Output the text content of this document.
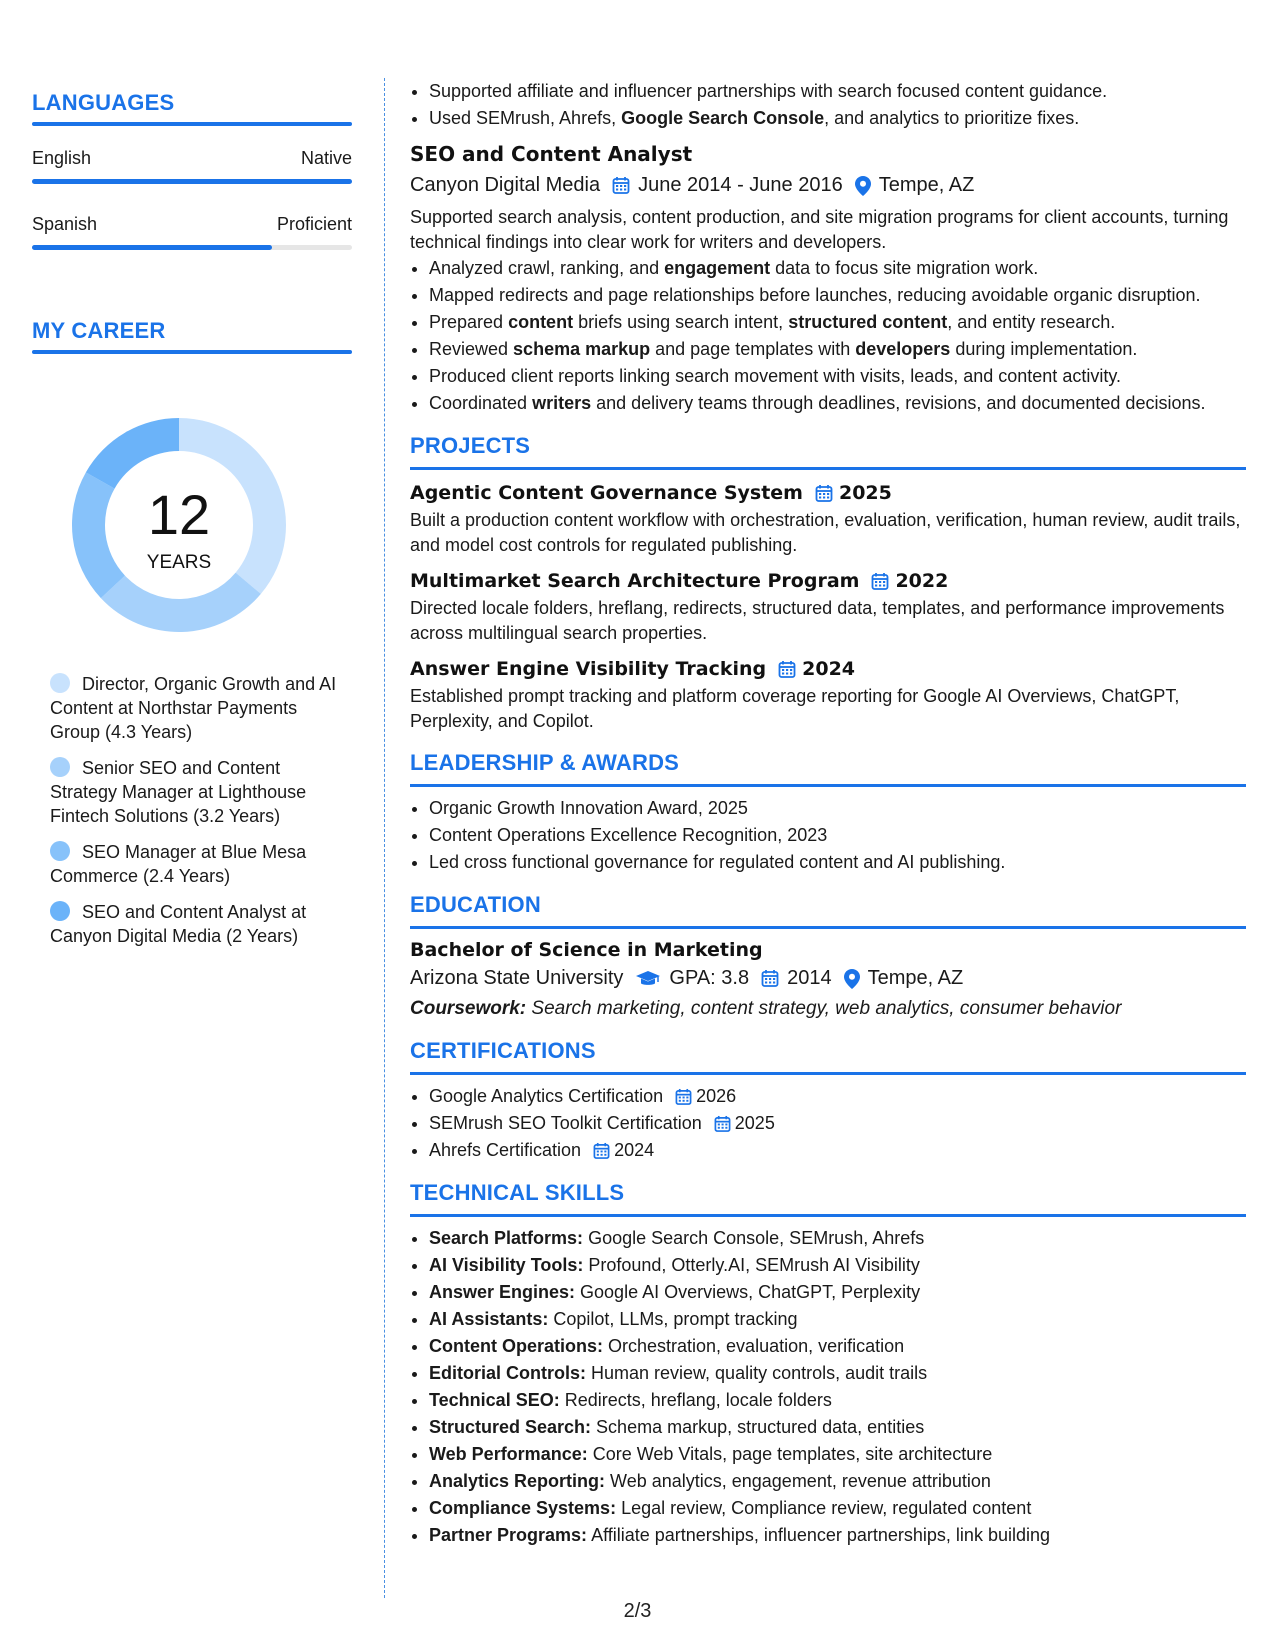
LANGUAGES
English	Native
Spanish	Proficient
MY CAREER
12
YEARS
Director, Organic Growth and AI Content at Northstar Payments Group (4.3 Years)
Senior SEO and Content Strategy Manager at Lighthouse Fintech Solutions (3.2 Years)
SEO Manager at Blue Mesa Commerce (2.4 Years)
SEO and Content Analyst at Canyon Digital Media (2 Years)
• Supported affiliate and influencer partnerships with search focused content guidance.
• Used SEMrush, Ahrefs, Google Search Console, and analytics to prioritize fixes.
SEO and Content Analyst
Canyon Digital Media June 2014 - June 2016 Tempe, AZ
Supported search analysis, content production, and site migration programs for client accounts, turning technical findings into clear work for writers and developers.
• Analyzed crawl, ranking, and engagement data to focus site migration work.
• Mapped redirects and page relationships before launches, reducing avoidable organic disruption.
• Prepared content briefs using search intent, structured content, and entity research.
• Reviewed schema markup and page templates with developers during implementation.
• Produced client reports linking search movement with visits, leads, and content activity.
• Coordinated writers and delivery teams through deadlines, revisions, and documented decisions.
PROJECTS
Agentic Content Governance System 2025
Built a production content workflow with orchestration, evaluation, verification, human review, audit trails, and model cost controls for regulated publishing.
Multimarket Search Architecture Program 2022
Directed locale folders, hreflang, redirects, structured data, templates, and performance improvements across multilingual search properties.
Answer Engine Visibility Tracking 2024
Established prompt tracking and platform coverage reporting for Google AI Overviews, ChatGPT, Perplexity, and Copilot.
LEADERSHIP & AWARDS
• Organic Growth Innovation Award, 2025
• Content Operations Excellence Recognition, 2023
• Led cross functional governance for regulated content and AI publishing.
EDUCATION
Bachelor of Science in Marketing
Arizona State University GPA: 3.8 2014 Tempe, AZ
Coursework: Search marketing, content strategy, web analytics, consumer behavior
CERTIFICATIONS
• Google Analytics Certification 2026
• SEMrush SEO Toolkit Certification 2025
• Ahrefs Certification 2024
TECHNICAL SKILLS
• Search Platforms: Google Search Console, SEMrush, Ahrefs
• AI Visibility Tools: Profound, Otterly.AI, SEMrush AI Visibility
• Answer Engines: Google AI Overviews, ChatGPT, Perplexity
• AI Assistants: Copilot, LLMs, prompt tracking
• Content Operations: Orchestration, evaluation, verification
• Editorial Controls: Human review, quality controls, audit trails
• Technical SEO: Redirects, hreflang, locale folders
• Structured Search: Schema markup, structured data, entities
• Web Performance: Core Web Vitals, page templates, site architecture
• Analytics Reporting: Web analytics, engagement, revenue attribution
• Compliance Systems: Legal review, Compliance review, regulated content
• Partner Programs: Affiliate partnerships, influencer partnerships, link building
2/3
